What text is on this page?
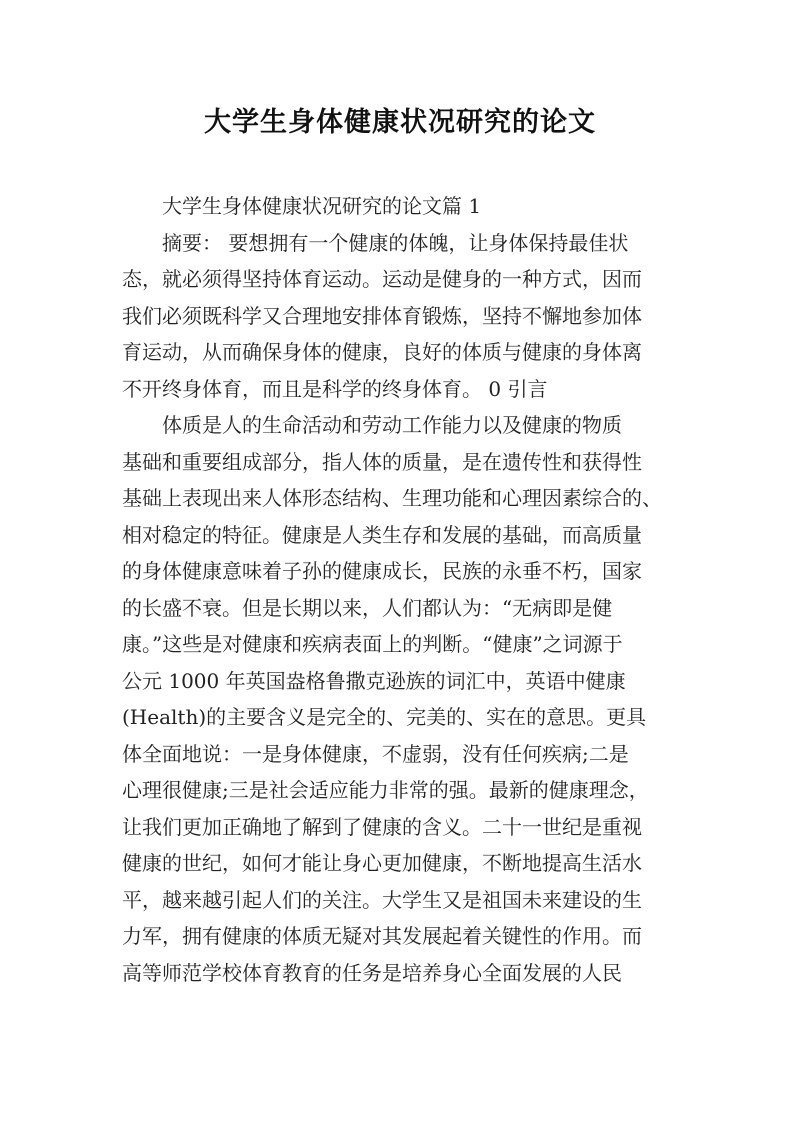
大学生身体健康状况研究的论文

大学生身体健康状况研究的论文篇 1

摘要： 要想拥有一个健康的体魄，让身体保持最佳状

态，就必须得坚持体育运动。运动是健身的一种方式，因而

我们必须既科学又合理地安排体育锻炼，坚持不懈地参加体

育运动，从而确保身体的健康，良好的体质与健康的身体离

不开终身体育，而且是科学的终身体育。 0 引言

体质是人的生命活动和劳动工作能力以及健康的物质

基础和重要组成部分，指人体的质量，是在遗传性和获得性

基础上表现出来人体形态结构、生理功能和心理因素综合的、

相对稳定的特征。健康是人类生存和发展的基础，而高质量

的身体健康意味着子孙的健康成长，民族的永垂不朽，国家

的长盛不衰。但是长期以来，人们都认为：“无病即是健

康。”这些是对健康和疾病表面上的判断。“健康”之词源于

公元 1000 年英国盎格鲁撒克逊族的词汇中，英语中健康

(Health)的主要含义是完全的、完美的、实在的意思。更具

体全面地说：一是身体健康，不虚弱，没有任何疾病;二是

心理很健康;三是社会适应能力非常的强。最新的健康理念，

让我们更加正确地了解到了健康的含义。二十一世纪是重视

健康的世纪，如何才能让身心更加健康，不断地提高生活水

平，越来越引起人们的关注。大学生又是祖国未来建设的生

力军，拥有健康的体质无疑对其发展起着关键性的作用。而

高等师范学校体育教育的任务是培养身心全面发展的人民
